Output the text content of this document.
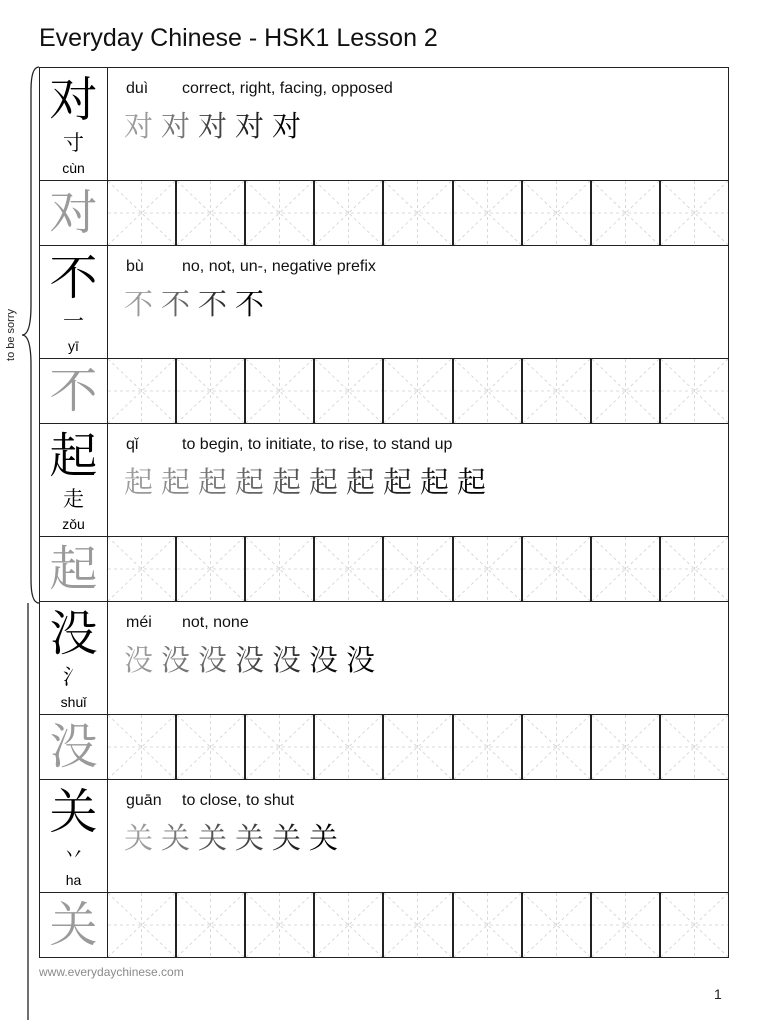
Everyday Chinese - HSK1 Lesson 2
to be sorry
对
寸
cùn
duì correct, right, facing, opposed
对 对 对 对 对
对
不
一
yī
bù no, not, un-, negative prefix
不 不 不 不
不
起
走
zǒu
qǐ	to begin, to initiate, to rise, to stand up
起 起 起 起 起 起 起 起 起 起
起
没
氵
shuǐ
méi not, none
没 没 没 没 没 没 没
没
关
丷
ha
guān to close, to shut
关 关 关 关 关 关
关
www.everydaychinese.com
1
